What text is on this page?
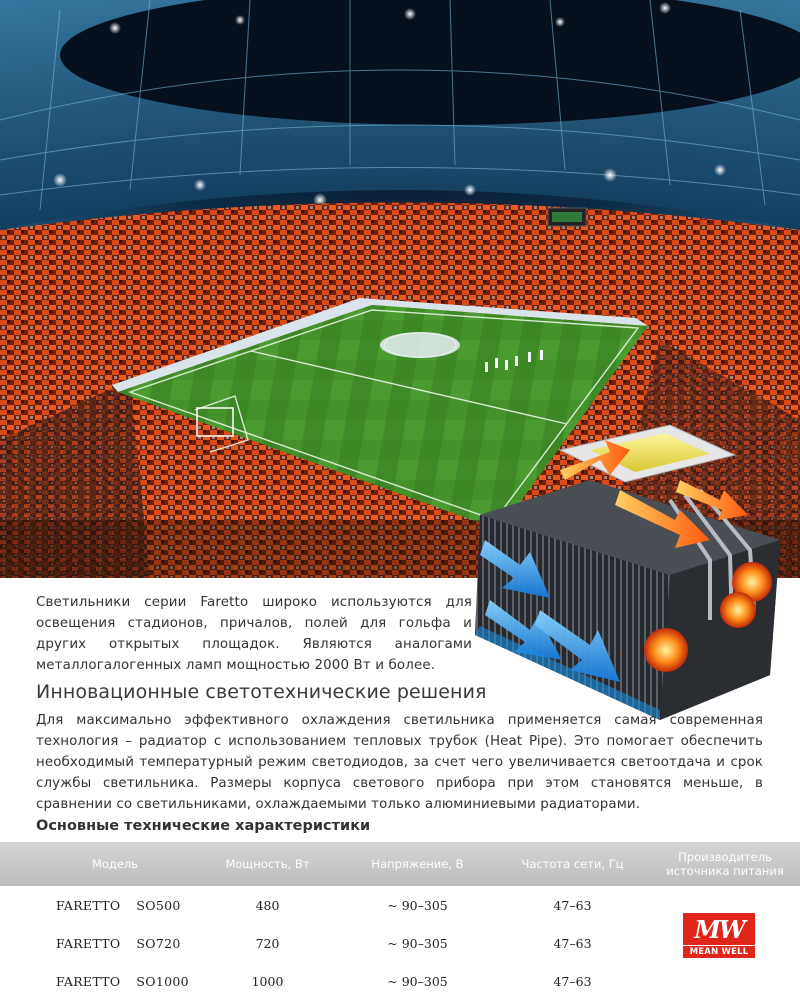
Светильники серии Faretto широко используются для освещения стадионов, причалов, полей для гольфа и других открытых площадок. Являются аналогами металлогалогенных ламп мощностью 2000 Вт и более.

Инновационные светотехнические решения

Для максимально эффективного охлаждения светильника применяется самая современная технология – радиатор с использованием тепловых трубок (Heat Pipe). Это помогает обеспечить необходимый температурный режим светодиодов, за счет чего увеличивается светоотдача и срок службы светильника. Размеры корпуса светового прибора при этом становятся меньше, в сравнении со светильниками, охлаждаемыми только алюминиевыми радиаторами.

Основные технические характеристики
Модель	Мощность, Вт	Напряжение, В	Частота сети, Гц	Производитель
источника питания
FARETTO SO500	480	~ 90–305	47–63
FARETTO SO720	720	~ 90–305	47–63
FARETTO SO1000	1000	~ 90–305	47–63
MW
MEAN WELL
